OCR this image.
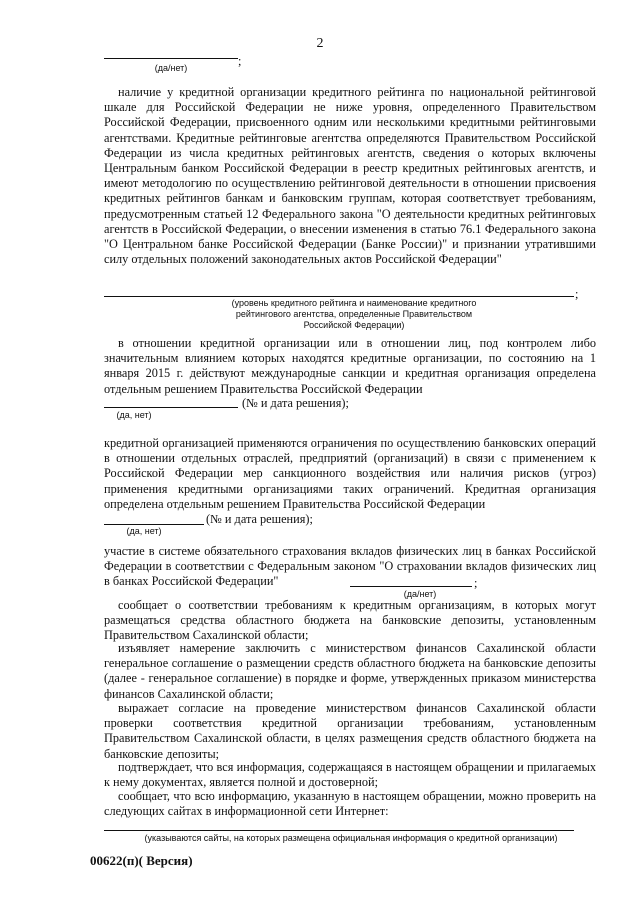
2
;
(да/нет)

наличие у кредитной организации кредитного рейтинга по национальной рейтинговой шкале для Российской Федерации не ниже уровня, определенного Правительством Российской Федерации, присвоенного одним или несколькими кредитными рейтинговыми агентствами. Кредитные рейтинговые агентства определяются Правительством Российской Федерации из числа кредитных рейтинговых агентств, сведения о которых включены Центральным банком Российской Федерации в реестр кредитных рейтинговых агентств, и имеют методологию по осуществлению рейтинговой деятельности в отношении присвоения кредитных рейтингов банкам и банковским группам, которая соответствует требованиям, предусмотренным статьей 12 Федерального закона "О деятельности кредитных рейтинговых агентств в Российской Федерации, о внесении изменения в статью 76.1 Федерального закона "О Центральном банке Российской Федерации (Банке России)" и признании утратившими силу отдельных положений законодательных актов Российской Федерации"

;
(уровень кредитного рейтинга и наименование кредитного рейтингового агентства, определенные Правительством Российской Федерации)

в отношении кредитной организации или в отношении лиц, под контролем либо значительным влиянием которых находятся кредитные организации, по состоянию на 1 января 2015 г. действуют международные санкции и кредитная организация определена отдельным решением Правительства Российской Федерации

(№ и дата решения);
(да, нет)

кредитной организацией применяются ограничения по осуществлению банковских операций в отношении отдельных отраслей, предприятий (организаций) в связи с применением к Российской Федерации мер санкционного воздействия или наличия рисков (угроз) применения кредитными организациями таких ограничений. Кредитная организация определена отдельным решением Правительства Российской Федерации

(№ и дата решения);
(да, нет)

участие в системе обязательного страхования вкладов физических лиц в банках Российской Федерации в соответствии с Федеральным законом "О страховании вкладов физических лиц в банках Российской Федерации"	;
(да/нет)

сообщает о соответствии требованиям к кредитным организациям, в которых могут размещаться средства областного бюджета на банковские депозиты, установленным Правительством Сахалинской области;

изъявляет намерение заключить с министерством финансов Сахалинской области генеральное соглашение о размещении средств областного бюджета на банковские депозиты (далее - генеральное соглашение) в порядке и форме, утвержденных приказом министерства финансов Сахалинской области;

выражает согласие на проведение министерством финансов Сахалинской области проверки соответствия кредитной организации требованиям, установленным Правительством Сахалинской области, в целях размещения средств областного бюджета на банковские депозиты;

подтверждает, что вся информация, содержащаяся в настоящем обращении и прилагаемых к нему документах, является полной и достоверной;

сообщает, что всю информацию, указанную в настоящем обращении, можно проверить на следующих сайтах в информационной сети Интернет:

(указываются сайты, на которых размещена официальная информация о кредитной организации)
00622(п)( Версия)
